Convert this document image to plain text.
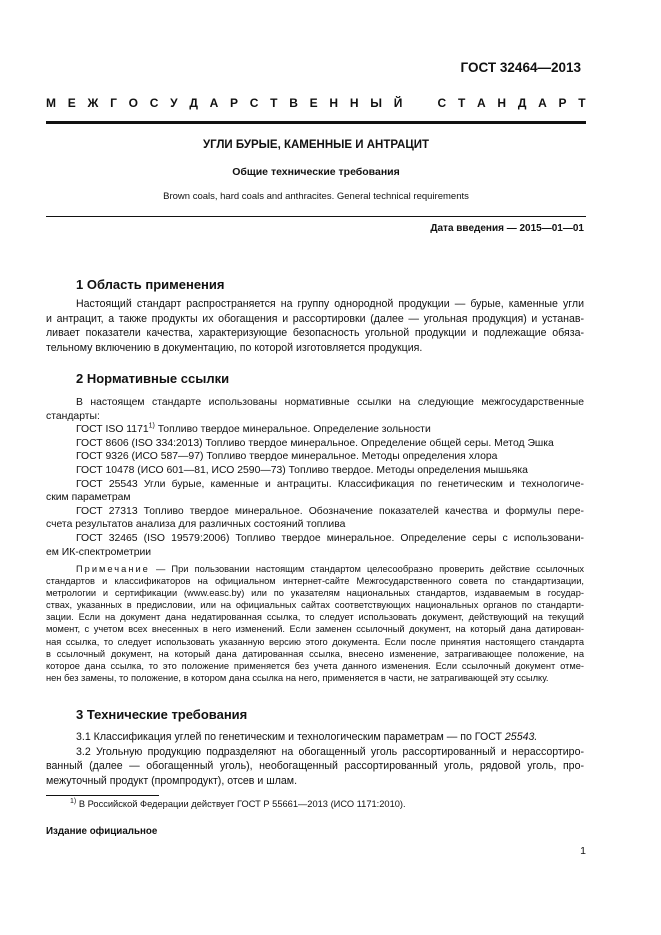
ГОСТ 32464—2013
М Е Ж Г О С У Д А Р С Т В Е Н Н Ы Й	С Т А Н Д А Р Т
УГЛИ БУРЫЕ, КАМЕННЫЕ И АНТРАЦИТ
Общие технические требования
Brown coals, hard coals and anthracites. General technical requirements
Дата введения — 2015—01—01
1 Область применения
Настоящий стандарт распространяется на группу однородной продукции — бурые, каменные угли
и антрацит, а также продукты их обогащения и рассортировки (далее — угольная продукция) и устанав-
ливает показатели качества, характеризующие безопасность угольной продукции и подлежащие обяза-
тельному включению в документацию, по которой изготовляется продукция.
2 Нормативные ссылки
В настоящем стандарте использованы нормативные ссылки на следующие межгосударственные
стандарты:
ГОСТ ISO 1171$^{1)}$ Топливо твердое минеральное. Определение зольности
ГОСТ 8606 (ISO 334:2013) Топливо твердое минеральное. Определение общей серы. Метод Эшка
ГОСТ 9326 (ИСО 587—97) Топливо твердое минеральное. Методы определения хлора
ГОСТ 10478 (ИСО 601—81, ИСО 2590—73) Топливо твердое. Методы определения мышьяка
ГОСТ 25543 Угли бурые, каменные и антрациты. Классификация по генетическим и технологиче-
ским параметрам
ГОСТ 27313 Топливо твердое минеральное. Обозначение показателей качества и формулы пере-
счета результатов анализа для различных состояний топлива
ГОСТ 32465 (ISO 19579:2006) Топливо твердое минеральное. Определение серы с использовани-
ем ИК-спектрометрии
Примечание — При пользовании настоящим стандартом целесообразно проверить действие ссылочных
стандартов и классификаторов на официальном интернет-сайте Межгосударственного совета по стандартизации,
метрологии и сертификации (www.easc.by) или по указателям национальных стандартов, издаваемым в государ-
ствах, указанных в предисловии, или на официальных сайтах соответствующих национальных органов по стандарти-
зации. Если на документ дана недатированная ссылка, то следует использовать документ, действующий на текущий
момент, с учетом всех внесенных в него изменений. Если заменен ссылочный документ, на который дана датирован-
ная ссылка, то следует использовать указанную версию этого документа. Если после принятия настоящего стандарта
в ссылочный документ, на который дана датированная ссылка, внесено изменение, затрагивающее положение, на
которое дана ссылка, то это положение применяется без учета данного изменения. Если ссылочный документ отме-
нен без замены, то положение, в котором дана ссылка на него, применяется в части, не затрагивающей эту ссылку.
3 Технические требования
3.1 Классификация углей по генетическим и технологическим параметрам — по ГОСТ 25543.
3.2 Угольную продукцию подразделяют на обогащенный уголь рассортированный и нерассортиро-
ванный (далее — обогащенный уголь), необогащенный рассортированный уголь, рядовой уголь, про-
межуточный продукт (промпродукт), отсев и шлам.
$^{1)}$ В Российской Федерации действует ГОСТ Р 55661—2013 (ИСО 1171:2010).
Издание официальное
1
